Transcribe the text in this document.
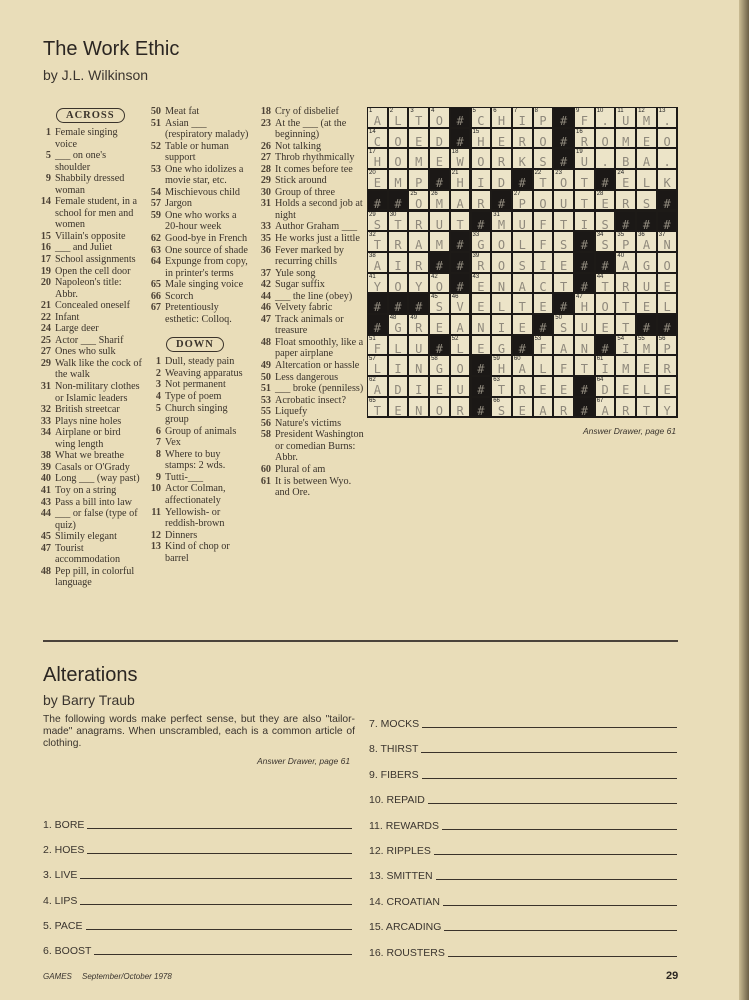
The Work Ethic
by J.L. Wilkinson
ACROSS
1 Female singing voice
5 ___ on one's shoulder
9 Shabbily dressed woman
14 Female student, in a school for men and women
15 Villain's opposite
16 ___ and Juliet
17 School assignments
19 Open the cell door
20 Napoleon's title: Abbr.
21 Concealed oneself
22 Infant
24 Large deer
25 Actor ___ Sharif
27 Ones who sulk
29 Walk like the cock of the walk
31 Non-military clothes or Islamic leaders
32 British streetcar
33 Plays nine holes
34 Airplane or bird wing length
38 What we breathe
39 Casals or O'Grady
40 Long ___ (way past)
41 Toy on a string
43 Pass a bill into law
44 ___ or false (type of quiz)
45 Slimily elegant
47 Tourist accommodation
48 Pep pill, in colorful language
50 Meat fat
51 Asian ___ (respiratory malady)
52 Table or human support
53 One who idolizes a movie star, etc.
54 Mischievous child
57 Jargon
59 One who works a 20-hour week
62 Good-bye in French
63 One source of shade
64 Expunge from copy, in printer's terms
65 Male singing voice
66 Scorch
67 Pretentiously esthetic: Colloq.
DOWN
1 Dull, steady pain
2 Weaving apparatus
3 Not permanent
4 Type of poem
5 Church singing group
6 Group of animals
7 Vex
8 Where to buy stamps: 2 wds.
9 Tutti-___
10 Actor Colman, affectionately
11 Yellowish- or reddish-brown
12 Dinners
13 Kind of chop or barrel
18 Cry of disbelief
23 At the ___ (at the beginning)
26 Not talking
27 Throb rhythmically
28 It comes before tee
29 Stick around
30 Group of three
31 Holds a second job at night
33 Author Graham ___
35 He works just a little
36 Fever marked by recurring chills
37 Yule song
42 Sugar suffix
44 ___ the line (obey)
46 Velvety fabric
47 Track animals or treasure
48 Float smoothly, like a paper airplane
49 Altercation or hassle
50 Less dangerous
51 ___ broke (penniless)
53 Acrobatic insect?
55 Liquefy
56 Nature's victims
58 President Washington or comedian Burns: Abbr.
60 Plural of am
61 It is between Wyo. and Ore.
1	2	3	4	5	6	7	8	9	10 11 12 13
14	15	16
17	18	19
20	21	22 23	24
25 26	27	28
29 30	31
32	33	34 35 36 37
38	39	40
41	42	43	44
45 46	47
48 49	50
51	52	53	54 55 56
57	58	59 60	61
62	63	64
65	66	67
ALTO#CHIP#F.UM.
COED#HERO#ROMEO
HOMEWORKS#U.BA.
EMP#HID#TOT#ELK
##OMAR#POUTERS#
STRUT#MUFTIS###
TRAM#GOLFS#SPAN
AIR##ROSIE##AGO
YOYO#ENACT#TRUE
###SVELTE#HOTEL
#GREANIE#SUET##
FLU#LEG#FAN#IMP
LINGO#HALFTIMER
ADIEU#TREE#DELE
TENOR#SEAR#ARTY
Answer Drawer, page 61
Alterations
by Barry Traub
The following words make perfect sense, but they are also "tailor-made" anagrams. When unscrambled, each is a common article of clothing.
Answer Drawer, page 61
1. BORE
2. HOES
3. LIVE
4. LIPS
5. PACE
6. BOOST
7. MOCKS
8. THIRST
9. FIBERS
10. REPAID
11. REWARDS
12. RIPPLES
13. SMITTEN
14. CROATIAN
15. ARCADING
16. ROUSTERS
GAMES September/October 1978	29
